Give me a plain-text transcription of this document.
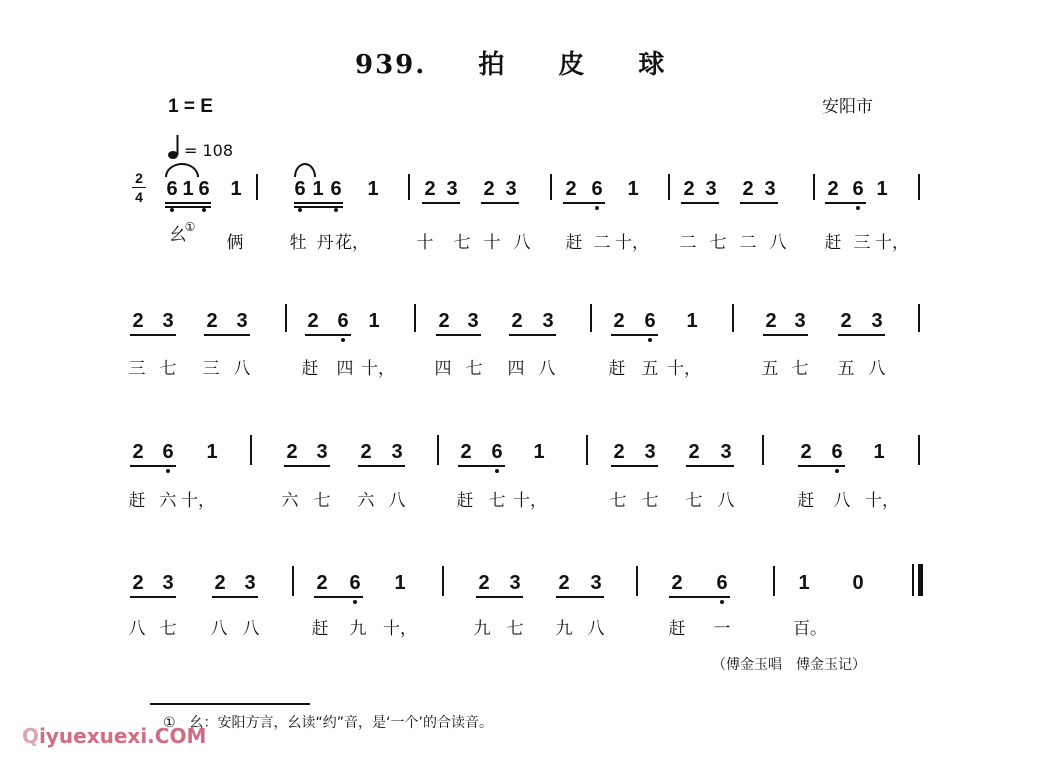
939. 拍 皮 球
1 = E	安阳市
= 108
2
4 6 1 6 1	6 1 6 1 2 3 2 3 2 6 1 2 3 2 3	2 6 1
幺
①
俩	牡 丹 花，	十 七 十 八 赶 二 十， 二 七 二 八 赶 三 十，
2 3 2 3	2 6 1	2 3 2 3	2 6 1	2 3 2 3
三 七 三 八	赶 四 十， 四 七 四 八	赶 五 十，	五 七 五 八
2 6 1	2 3 2 3	2 6 1	2 3 2 3	2 6 1
赶 六 十，	六 七 六 八	赶 七 十，	七 七 七 八	赶 八 十，
2 3 2 3	2 6 1	2 3 2 3	2 6	1 0
八 七 八 八	赶 九 十，	九 七 九 八	赶 一	百。
（傅金玉唱　傅金玉记）
①　幺：安阳方言，幺读“约”音，是‘一个’的合读音。
Qiyuexuexi.COM
